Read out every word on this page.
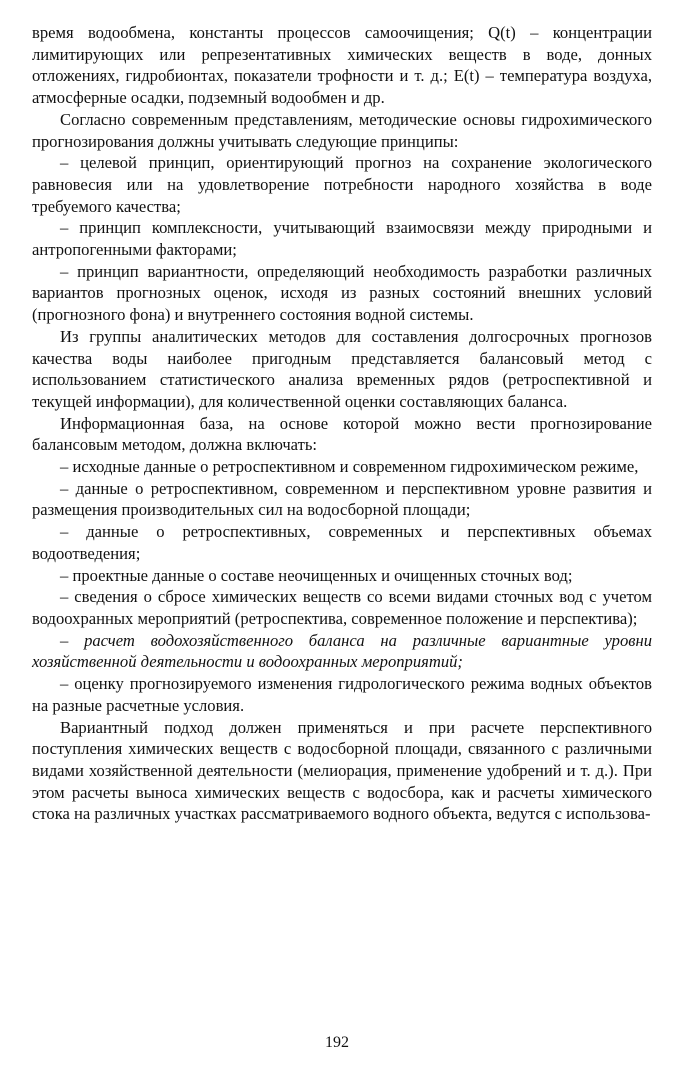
время водообмена, константы процессов самоочищения; Q(t) – концентрации лимитирующих или репрезентативных химических веществ в воде, донных отложениях, гидробионтах, показатели трофности и т. д.; E(t) – температура воздуха, атмосферные осадки, подземный водообмен и др.

Согласно современным представлениям, методические основы гидрохимического прогнозирования должны учитывать следующие принципы:

– целевой принцип, ориентирующий прогноз на сохранение экологического равновесия или на удовлетворение потребности народного хозяйства в воде требуемого качества;

– принцип комплексности, учитывающий взаимосвязи между природными и антропогенными факторами;

– принцип вариантности, определяющий необходимость разработки различных вариантов прогнозных оценок, исходя из разных состояний внешних условий (прогнозного фона) и внутреннего состояния водной системы.

Из группы аналитических методов для составления долгосрочных прогнозов качества воды наиболее пригодным представляется балансовый метод с использованием статистического анализа временных рядов (ретроспективной и текущей информации), для количественной оценки составляющих баланса.

Информационная база, на основе которой можно вести прогнозирование балансовым методом, должна включать:

– исходные данные о ретроспективном и современном гидрохимическом режиме,

– данные о ретроспективном, современном и перспективном уровне развития и размещения производительных сил на водосборной площади;

– данные о ретроспективных, современных и перспективных объемах водоотведения;

– проектные данные о составе неочищенных и очищенных сточных вод;

– сведения о сбросе химических веществ со всеми видами сточных вод с учетом водоохранных мероприятий (ретроспектива, современное положение и перспектива);

– расчет водохозяйственного баланса на различные вариантные уровни хозяйственной деятельности и водоохранных мероприятий;

– оценку прогнозируемого изменения гидрологического режима водных объектов на разные расчетные условия.

Вариантный подход должен применяться и при расчете перспективного поступления химических веществ с водосборной площади, связанного с различными видами хозяйственной деятельности (мелиорация, применение удобрений и т. д.). При этом расчеты выноса химических веществ с водосбора, как и расчеты химического стока на различных участках рассматриваемого водного объекта, ведутся с использова-

192
